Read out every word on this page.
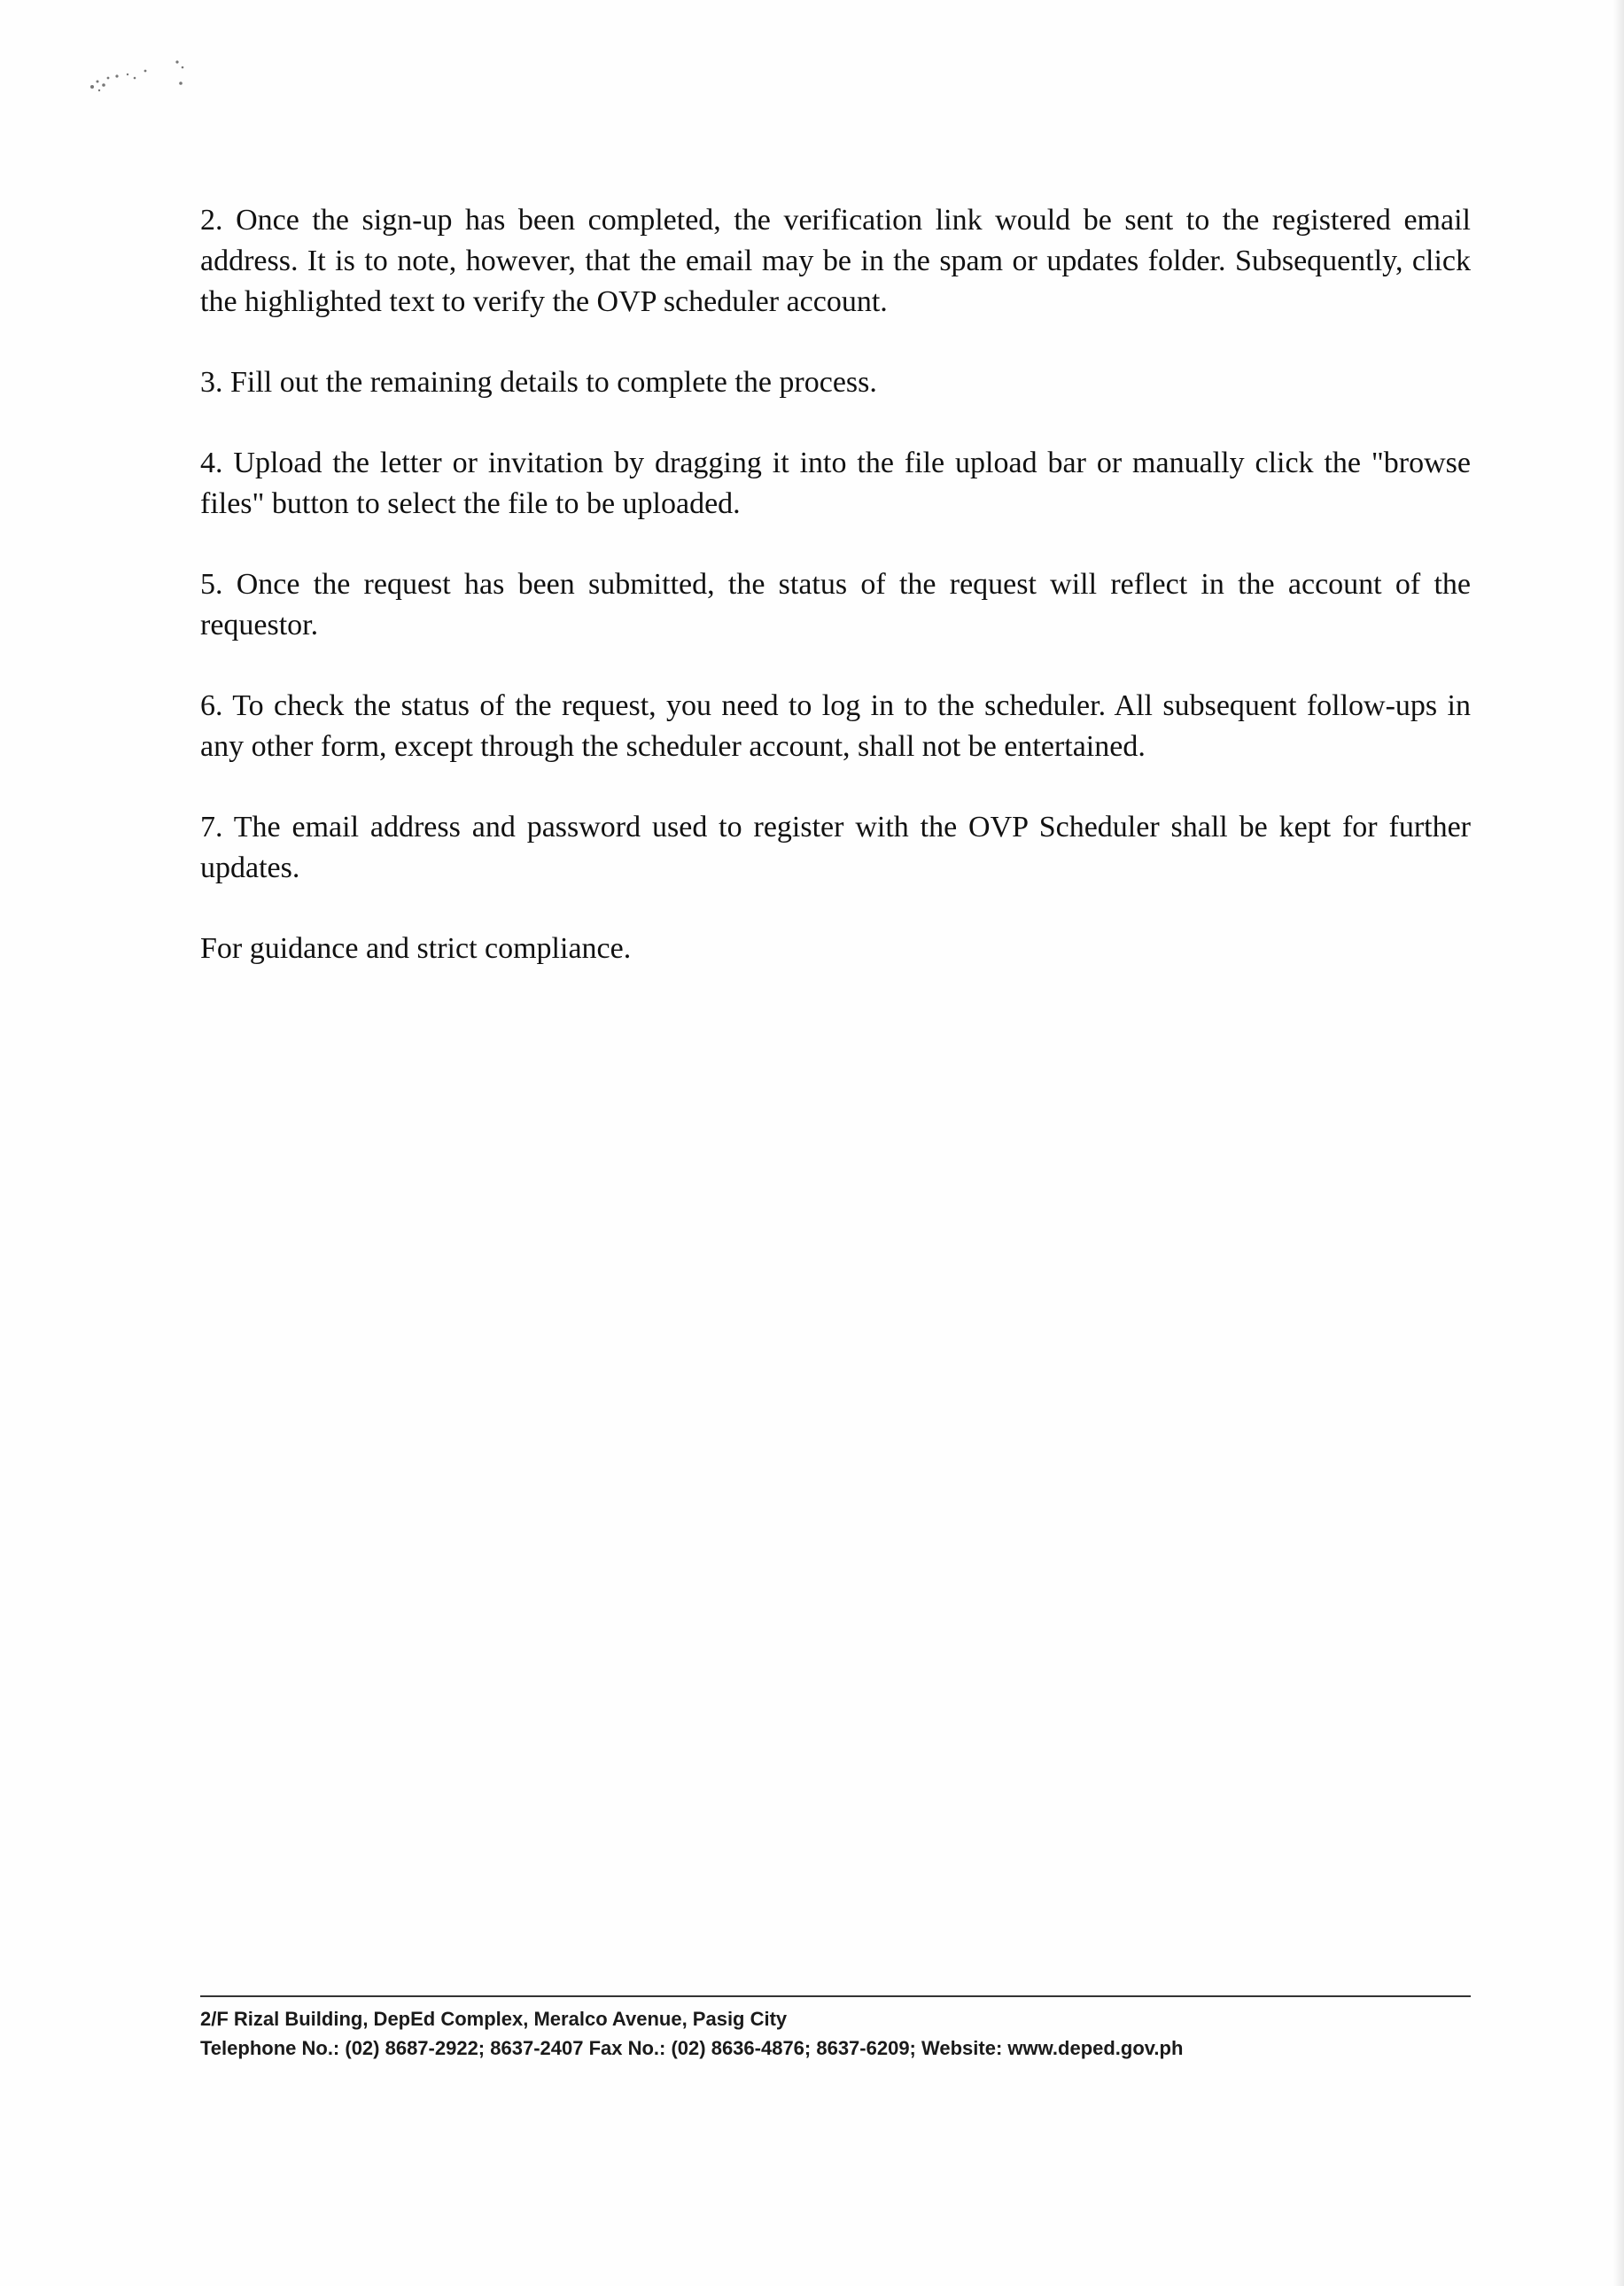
2. Once the sign-up has been completed, the verification link would be sent to the registered email address. It is to note, however, that the email may be in the spam or updates folder. Subsequently, click the highlighted text to verify the OVP scheduler account.

3. Fill out the remaining details to complete the process.

4. Upload the letter or invitation by dragging it into the file upload bar or manually click the "browse files" button to select the file to be uploaded.

5. Once the request has been submitted, the status of the request will reflect in the account of the requestor.

6. To check the status of the request, you need to log in to the scheduler. All subsequent follow-ups in any other form, except through the scheduler account, shall not be entertained.

7. The email address and password used to register with the OVP Scheduler shall be kept for further updates.

For guidance and strict compliance.

2/F Rizal Building, DepEd Complex, Meralco Avenue, Pasig City
Telephone No.: (02) 8687-2922; 8637-2407 Fax No.: (02) 8636-4876; 8637-6209; Website: www.deped.gov.ph
